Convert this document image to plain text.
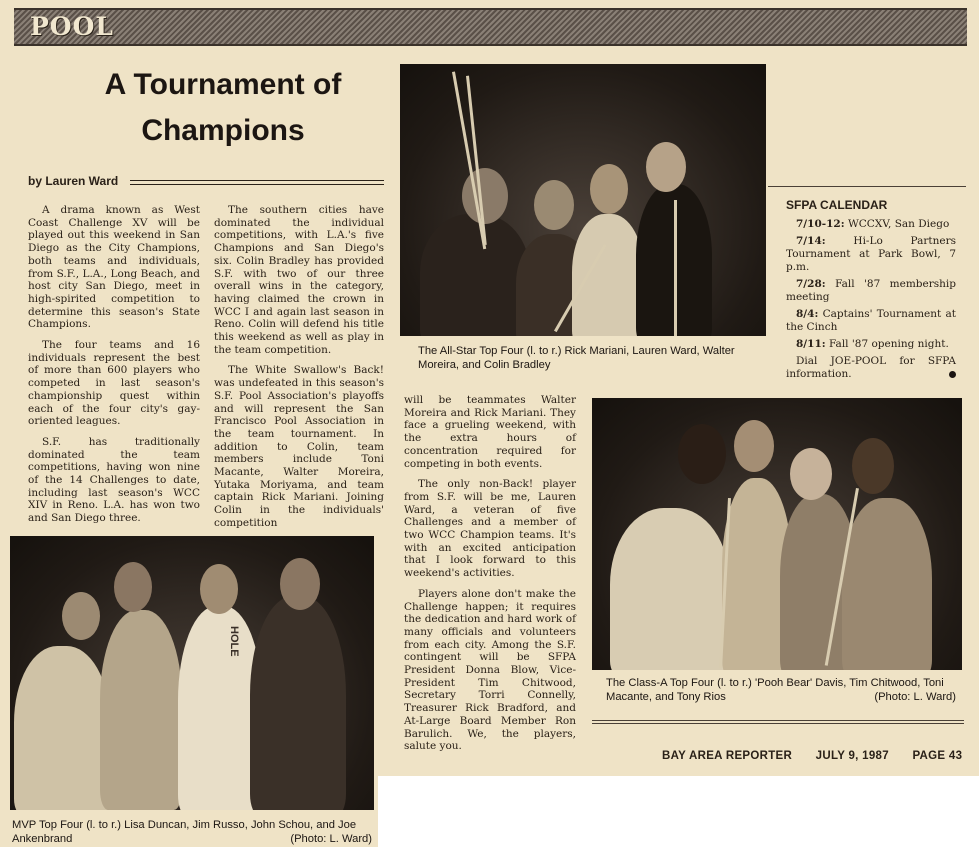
POOL
A Tournament of
Champions
by Lauren Ward

A drama known as West Coast Challenge XV will be played out this weekend in San Diego as the City Champions, both teams and individuals, from S.F., L.A., Long Beach, and host city San Diego, meet in high-spirited competition to determine this season's State Champions.

The four teams and 16 individuals represent the best of more than 600 players who competed in last season's championship quest within each of the four city's gay-oriented leagues.

S.F. has traditionally dominated the team competitions, having won nine of the 14 Challenges to date, including last season's WCC XIV in Reno. L.A. has won two and San Diego three.

The southern cities have dominated the individual competitions, with L.A.'s five Champions and San Diego's six. Colin Bradley has provided S.F. with two of our three overall wins in the category, having claimed the crown in WCC I and again last season in Reno. Colin will defend his title this weekend as well as play in the team competition.

The White Swallow's Back! was undefeated in this season's S.F. Pool Association's playoffs and will represent the San Francisco Pool Association in the team tournament. In addition to Colin, team members include Toni Macante, Walter Moreira, Yutaka Moriyama, and team captain Rick Mariani. Joining Colin in the individuals' competition

will be teammates Walter Moreira and Rick Mariani. They face a grueling weekend, with the extra hours of concentration required for competing in both events.

The only non-Back! player from S.F. will be me, Lauren Ward, a veteran of five Challenges and a member of two WCC Champion teams. It's with an excited anticipation that I look forward to this weekend's activities.

Players alone don't make the Challenge happen; it requires the dedication and hard work of many officials and volunteers from each city. Among the S.F. contingent will be SFPA President Donna Blow, Vice-President Tim Chitwood, Secretary Torri Connelly, Treasurer Rick Bradford, and At-Large Board Member Ron Barulich. We, the players, salute you.

The All-Star Top Four (l. to r.) Rick Mariani, Lauren Ward, Walter Moreira, and Colin Bradley
The Class-A Top Four (l. to r.) 'Pooh Bear' Davis, Tim Chitwood, Toni Macante, and Tony Rios	(Photo: L. Ward)
HOLE
MVP Top Four (l. to r.) Lisa Duncan, Jim Russo, John Schou, and Joe Ankenbrand	(Photo: L. Ward)
SFPA CALENDAR

7/10-12: WCCXV, San Diego

7/14:	Hi-Lo Partners Tournament at Park Bowl, 7 p.m.

7/28: Fall '87 membership meeting

8/4: Captains' Tournament at the Cinch

8/11: Fall '87 opening night.

Dial JOE-POOL for SFPA information.

BAY AREA REPORTER JULY 9, 1987 PAGE 43
